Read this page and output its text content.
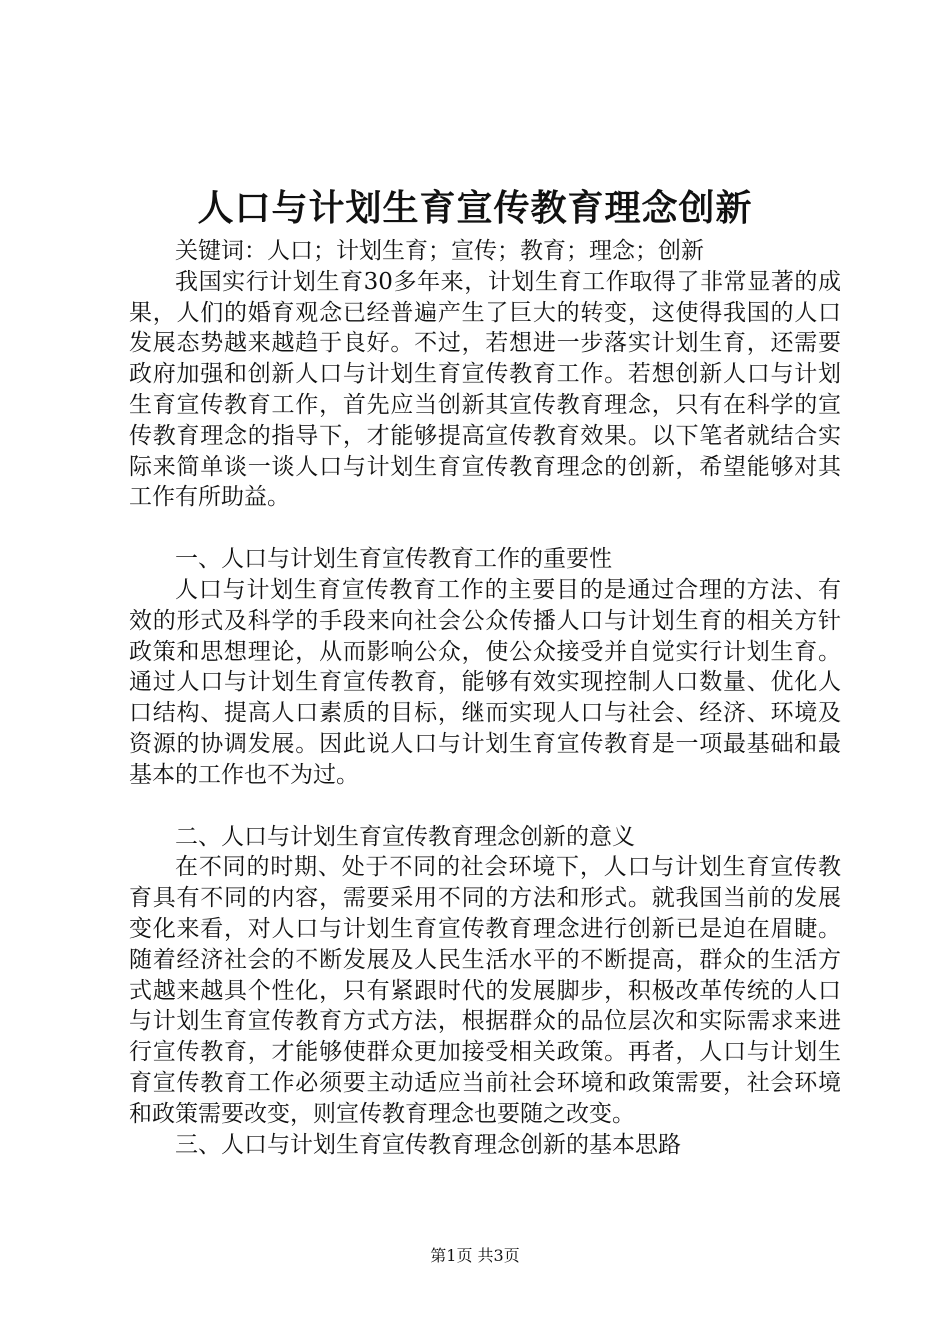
人口与计划生育宣传教育理念创新

关键词：人口；计划生育；宣传；教育；理念；创新

我国实行计划生育30多年来，计划生育工作取得了非常显著的成果，人们的婚育观念已经普遍产生了巨大的转变，这使得我国的人口发展态势越来越趋于良好。不过，若想进一步落实计划生育，还需要政府加强和创新人口与计划生育宣传教育工作。若想创新人口与计划生育宣传教育工作，首先应当创新其宣传教育理念，只有在科学的宣传教育理念的指导下，才能够提高宣传教育效果。以下笔者就结合实际来简单谈一谈人口与计划生育宣传教育理念的创新，希望能够对其工作有所助益。

一、人口与计划生育宣传教育工作的重要性

人口与计划生育宣传教育工作的主要目的是通过合理的方法、有效的形式及科学的手段来向社会公众传播人口与计划生育的相关方针政策和思想理论，从而影响公众，使公众接受并自觉实行计划生育。通过人口与计划生育宣传教育，能够有效实现控制人口数量、优化人口结构、提高人口素质的目标，继而实现人口与社会、经济、环境及资源的协调发展。因此说人口与计划生育宣传教育是一项最基础和最基本的工作也不为过。

二、人口与计划生育宣传教育理念创新的意义

在不同的时期、处于不同的社会环境下，人口与计划生育宣传教育具有不同的内容，需要采用不同的方法和形式。就我国当前的发展变化来看，对人口与计划生育宣传教育理念进行创新已是迫在眉睫。随着经济社会的不断发展及人民生活水平的不断提高，群众的生活方式越来越具个性化，只有紧跟时代的发展脚步，积极改革传统的人口与计划生育宣传教育方式方法，根据群众的品位层次和实际需求来进行宣传教育，才能够使群众更加接受相关政策。再者，人口与计划生育宣传教育工作必须要主动适应当前社会环境和政策需要，社会环境和政策需要改变，则宣传教育理念也要随之改变。

三、人口与计划生育宣传教育理念创新的基本思路

第1页 共3页
